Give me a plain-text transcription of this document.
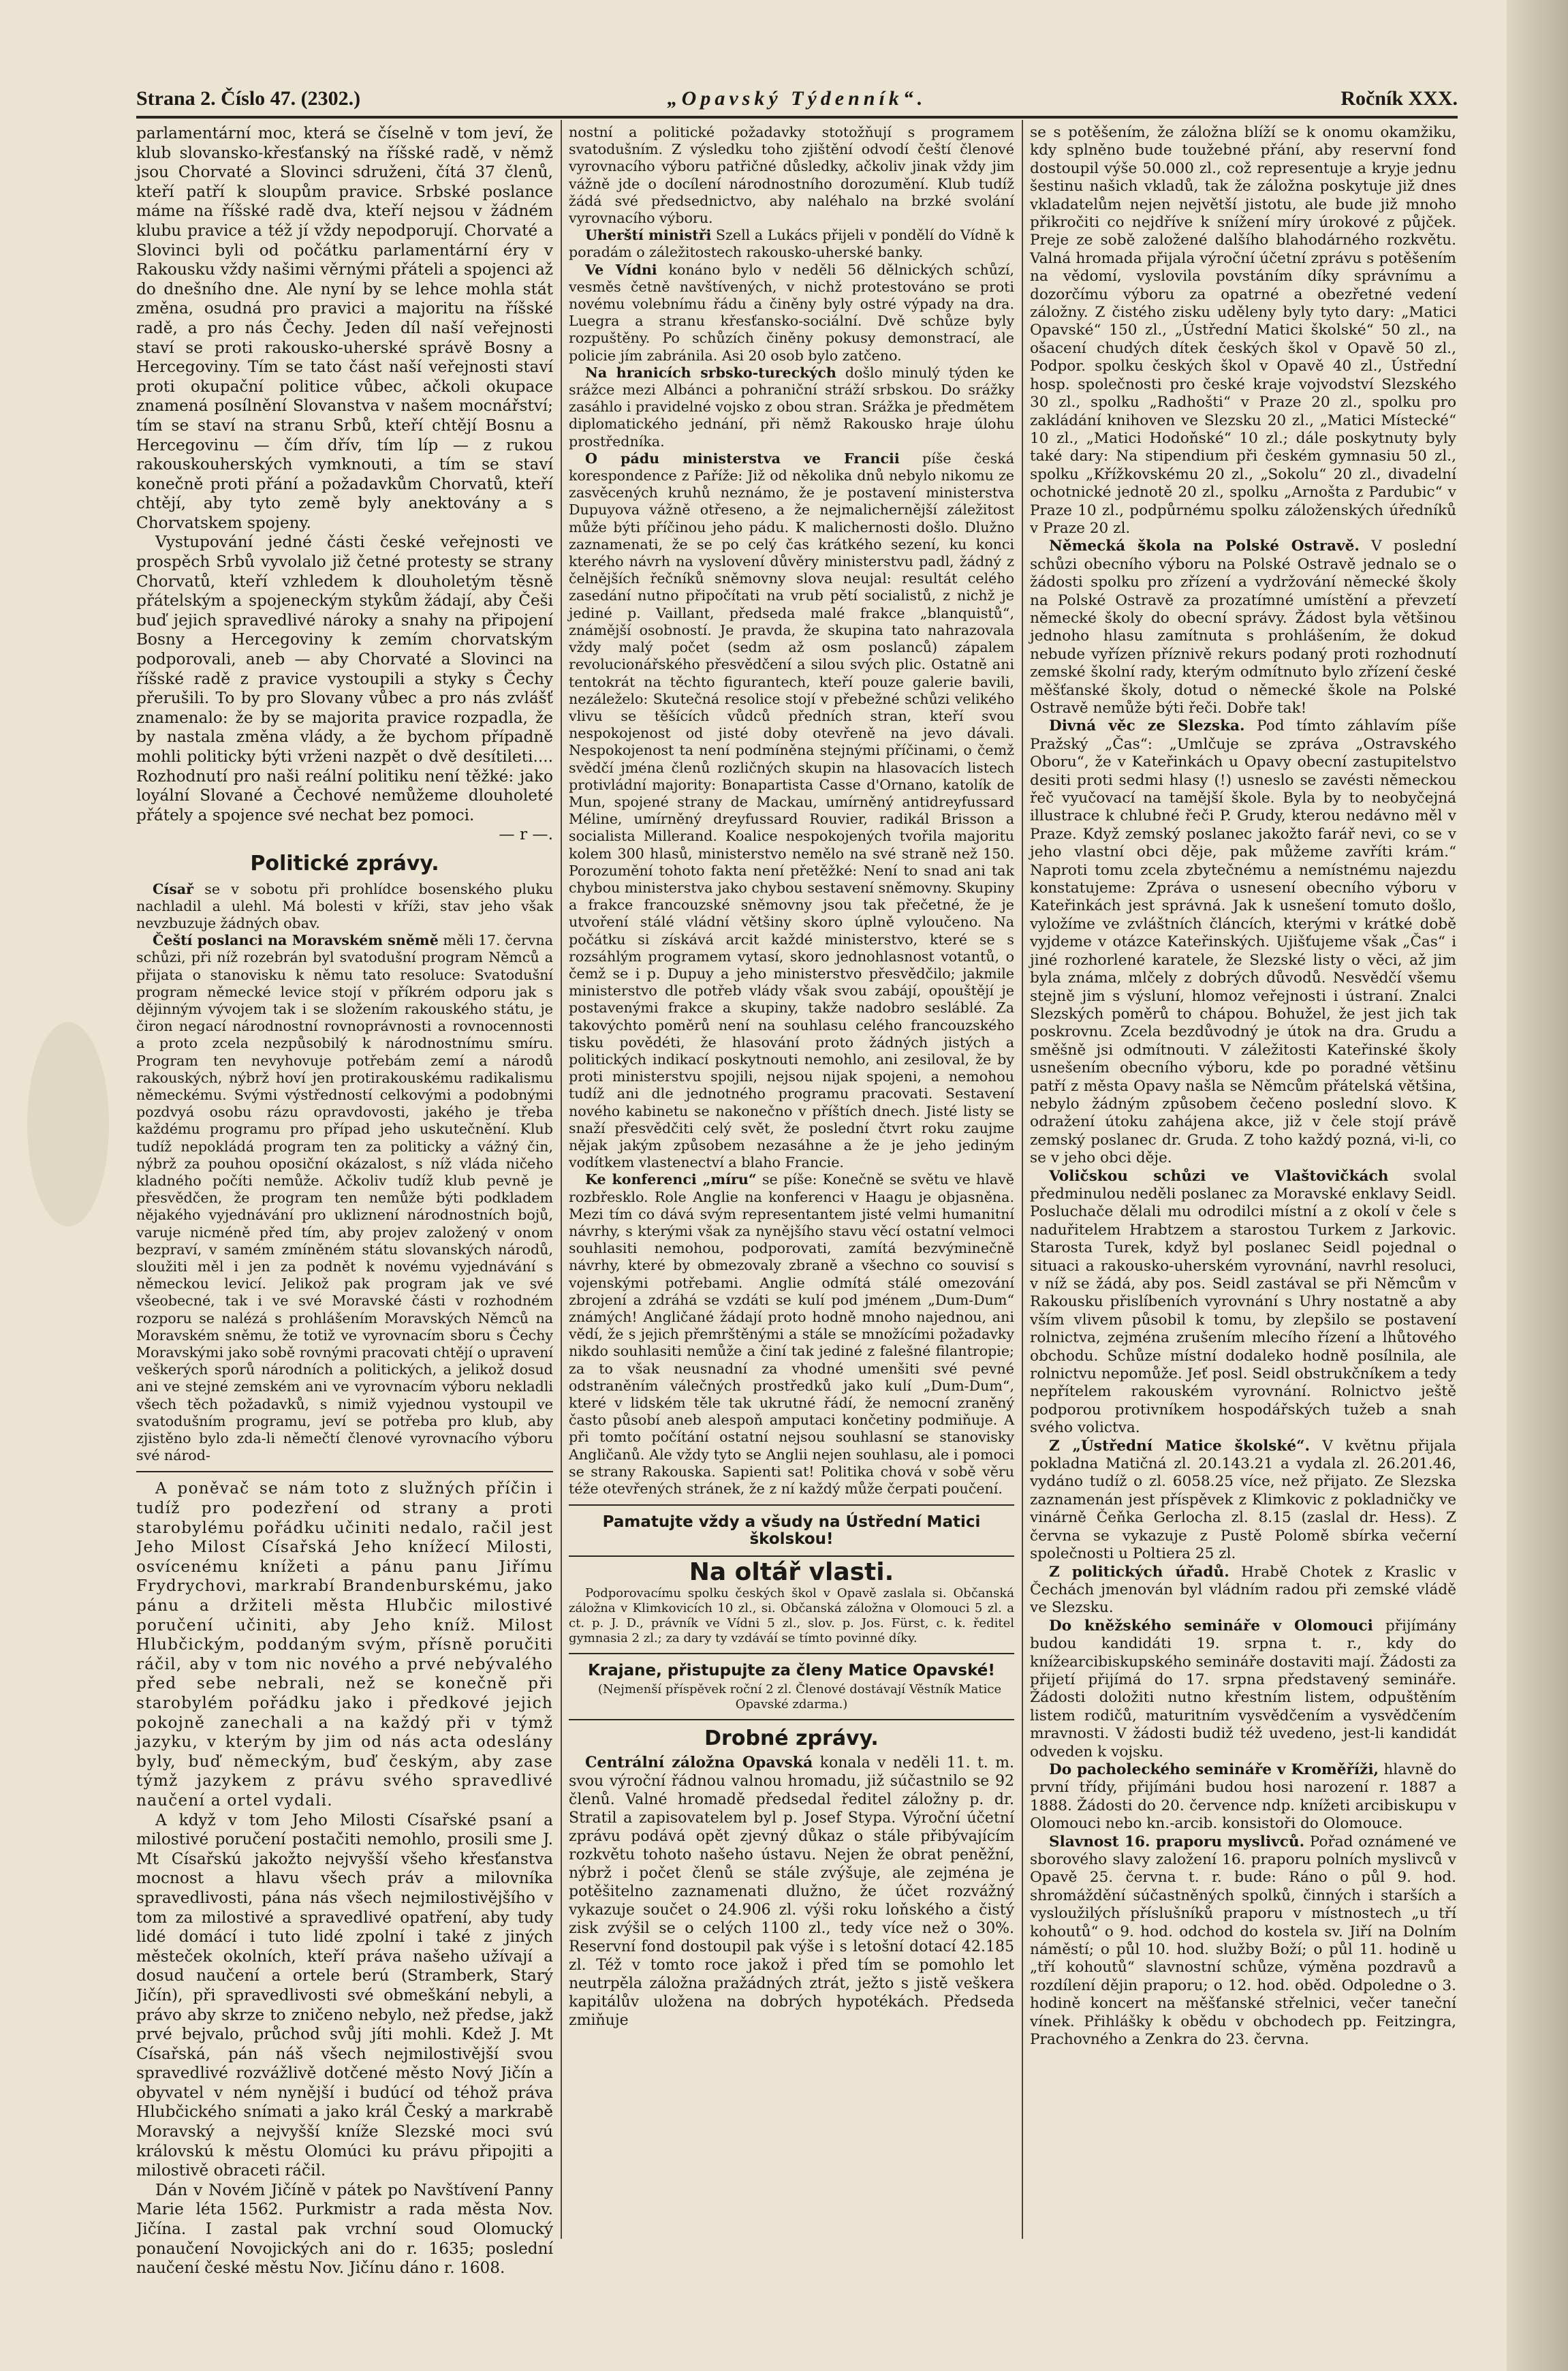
Strana 2. Číslo 47. (2302.)	„Opavský Týdenník“.	Ročník XXX.

parlamentární moc, která se číselně v tom jeví, že klub slovansko-křesťanský na říšské radě, v němž jsou Chorvaté a Slovinci sdruženi, čítá 37 členů, kteří patří k sloupům pravice. Srbské poslance máme na říšské radě dva, kteří nejsou v žádném klubu pravice a též jí vždy nepodporují. Chorvaté a Slovinci byli od počátku parlamentární éry v Rakousku vždy našimi věrnými přáteli a spojenci až do dnešního dne. Ale nyní by se lehce mohla stát změna, osudná pro pravici a majoritu na říšské radě, a pro nás Čechy. Jeden díl naší veřejnosti staví se proti rakousko-uherské správě Bosny a Hercegoviny. Tím se tato část naší veřejnosti staví proti okupační politice vůbec, ačkoli okupace znamená posílnění Slovanstva v našem mocnářství; tím se staví na stranu Srbů, kteří chtějí Bosnu a Hercegovinu — čím dřív, tím líp — z rukou rakouskouherských vymknouti, a tím se staví konečně proti přání a požadavkům Chorvatů, kteří chtějí, aby tyto země byly anektovány a s Chorvatskem spojeny.

Vystupování jedné části české veřejnosti ve prospěch Srbů vyvolalo již četné protesty se strany Chorvatů, kteří vzhledem k dlouholetým těsně přátelským a spojeneckým stykům žádají, aby Češi buď jejich spravedlivé nároky a snahy na připojení Bosny a Hercegoviny k zemím chorvatským podporovali, aneb — aby Chorvaté a Slovinci na říšské radě z pravice vystoupili a styky s Čechy přerušili. To by pro Slovany vůbec a pro nás zvlášť znamenalo: že by se majorita pravice rozpadla, že by nastala změna vlády, a že bychom případně mohli politicky býti vrženi nazpět o dvě desítileti.... Rozhodnutí pro naši reální politiku není těžké: jako loyální Slované a Čechové nemůžeme dlouholeté přátely a spojence své nechat bez pomoci.

— r —.

Politické zprávy.

Císař se v sobotu při prohlídce bosenského pluku nachladil a ulehl. Má bolesti v kříži, stav jeho však nevzbuzuje žádných obav.

Čeští poslanci na Moravském sněmě měli 17. června schůzi, při níž rozebrán byl svatodušní program Němců a přijata o stanovisku k němu tato resoluce: Svatodušní program německé levice stojí v příkrém odporu jak s dějinným vývojem tak i se složením rakouského státu, je čiron negací národnostní rovnoprávnosti a rovnocennosti a proto zcela nezpůsobilý k národnostnímu smíru. Program ten nevyhovuje potřebám zemí a národů rakouských, nýbrž hoví jen protirakouskému radikalismu německému. Svými výstředností celkovými a podobnými pozdvyá osobu rázu opravdovosti, jakého je třeba každému programu pro případ jeho uskutečnění. Klub tudíž nepokládá program ten za politicky a vážný čin, nýbrž za pouhou oposiční okázalost, s níž vláda ničeho kladného počíti nemůže. Ačkoliv tudíž klub pevně je přesvědčen, že program ten nemůže býti podkladem nějakého vyjednávání pro ukliznení národnostních bojů, varuje nicméně před tím, aby projev založený v onom bezpraví, v samém zmíněném státu slovanských národů, sloužiti měl i jen za podnět k novému vyjednávání s německou levicí. Jelikož pak program jak ve své všeobecné, tak i ve své Moravské části v rozhodném rozporu se nalézá s prohlášením Moravských Němců na Moravském sněmu, že totiž ve vyrovnacím sboru s Čechy Moravskými jako sobě rovnými pracovati chtějí o upravení veškerých sporů národních a politických, a jelikož dosud ani ve stejné zemském ani ve vyrovnacím výboru nekladli všech těch požadavků, s nimiž vyjednou vystoupil ve svatodušním programu, jeví se potřeba pro klub, aby zjistěno bylo zda-li němečtí členové vyrovnacího výboru své národ-

A poněvač se nám toto z služných příčin i tudíž pro podezření od strany a proti starobylému pořádku učiniti nedalo, račil jest Jeho Milost Císařská Jeho knížecí Milosti, osvícenému knížeti a pánu panu Jiřímu Frydrychovi, markrabí Brandenburskému, jako pánu a držiteli města Hlubčic milostivé poručení učiniti, aby Jeho kníž. Milost Hlubčickým, poddaným svým, přísně poručiti ráčil, aby v tom nic nového a prvé nebývalého před sebe nebrali, než se konečně při starobylém pořádku jako i předkové jejich pokojně zanechali a na každý při v týmž jazyku, v kterým by jim od nás acta odeslány byly, buď německým, buď českým, aby zase týmž jazykem z právu svého spravedlivé naučení a ortel vydali.

A když v tom Jeho Milosti Císařské psaní a milostivé poručení postačiti nemohlo, prosili sme J. Mt Císařskú jakožto nejvyšší všeho křesťanstva mocnost a hlavu všech práv a milovníka spravedlivosti, pána nás všech nejmilostivějšího v tom za milostivé a spravedlivé opatření, aby tudy lidé domácí i tuto lidé zpolní i také z jiných městeček okolních, kteří práva našeho užívají a dosud naučení a ortele berú (Stramberk, Starý Jičín), při spravedlivosti své obmeškání nebyli, a právo aby skrze to zničeno nebylo, než předse, jakž prvé bejvalo, průchod svůj jíti mohli. Kdež J. Mt Císařská, pán náš všech nejmilostivější svou spravedlivé rozvážlivě dotčené město Nový Jičín a obyvatel v ném nynější i budúcí od téhož práva Hlubčického snímati a jako král Český a markrabě Moravský a nejvyšší kníže Slezské moci svú královskú k městu Olomúci ku právu připojiti a milostivě obraceti ráčil.

Dán v Novém Jičíně v pátek po Navštívení Panny Marie léta 1562. Purkmistr a rada města Nov. Jičína. I zastal pak vrchní soud Olomucký ponaučení Novojických ani do r. 1635; poslední naučení české městu Nov. Jičínu dáno r. 1608.

nostní a politické požadavky stotožňují s programem svatodušním. Z výsledku toho zjištění odvodí čeští členové vyrovnacího výboru patřičné důsledky, ačkoliv jinak vždy jim vážně jde o docílení národnostního dorozumění. Klub tudíž žádá své předsednictvo, aby naléhalo na brzké svolání vyrovnacího výboru.

Uherští ministři Szell a Lukács přijeli v pondělí do Vídně k poradám o záležitostech rakousko-uherské banky.

Ve Vídni konáno bylo v neděli 56 dělnických schůzí, vesměs četně navštívených, v nichž protestováno se proti novému volebnímu řádu a činěny byly ostré výpady na dra. Luegra a stranu křesťansko-sociální. Dvě schůze byly rozpuštěny. Po schůzích činěny pokusy demonstrací, ale policie jím zabránila. Asi 20 osob bylo zatčeno.

Na hranicích srbsko-tureckých došlo minulý týden ke srážce mezi Albánci a pohraniční stráží srbskou. Do srážky zasáhlo i pravidelné vojsko z obou stran. Srážka je předmětem diplomatického jednání, při němž Rakousko hraje úlohu prostředníka.

O pádu ministerstva ve Francii píše česká korespondence z Paříže: Již od několika dnů nebylo nikomu ze zasvěcených kruhů neznámo, že je postavení ministerstva Dupuyova vážně otřeseno, a že nejmalichernější záležitost může býti příčinou jeho pádu. K malichernosti došlo. Dlužno zaznamenati, že se po celý čas krátkého sezení, ku konci kterého návrh na vyslovení důvěry ministerstvu padl, žádný z čelnějších řečníků sněmovny slova neujal: resultát celého zasedání nutno připočítati na vrub pětí socialistů, z nichž je jediné p. Vaillant, předseda malé frakce „blanquistů“, známější osobností. Je pravda, že skupina tato nahrazovala vždy malý počet (sedm až osm poslanců) zápalem revolucionářského přesvědčení a silou svých plic. Ostatně ani tentokrát na těchto figurantech, kteří pouze galerie bavili, nezáleželo: Skutečná resolice stojí v přebežné schůzi velikého vlivu se těšících vůdců předních stran, kteří svou nespokojenost od jisté doby otevřeně na jevo dávali. Nespokojenost ta není podmíněna stejnými příčinami, o čemž svědčí jména členů rozličných skupin na hlasovacích listech protivládní majority: Bonapartista Casse d'Ornano, katolík de Mun, spojené strany de Mackau, umírněný antidreyfussard Méline, umírněný dreyfussard Rouvier, radikál Brisson a socialista Millerand. Koalice nespokojených tvořila majoritu kolem 300 hlasů, ministerstvo nemělo na své straně než 150. Porozumění tohoto fakta není přetěžké: Není to snad ani tak chybou ministerstva jako chybou sestavení sněmovny. Skupiny a frakce francouzské sněmovny jsou tak přečetné, že je utvoření stálé vládní většiny skoro úplně vyloučeno. Na počátku si získává arcit každé ministerstvo, které se s rozsáhlým programem vytasí, skoro jednohlasnost votantů, o čemž se i p. Dupuy a jeho ministerstvo přesvědčilo; jakmile ministerstvo dle potřeb vlády však svou zabájí, opouštějí je postavenými frakce a skupiny, takže nadobro sesláblé. Za takovýchto poměrů není na souhlasu celého francouzského tisku povědéti, že hlasování proto žádných jistých a politických indikací poskytnouti nemohlo, ani zesiloval, že by proti ministerstvu spojili, nejsou nijak spojeni, a nemohou tudíž ani dle jednotného programu pracovati. Sestavení nového kabinetu se nakonečno v příštích dnech. Jisté listy se snaží přesvědčiti celý svět, že poslední čtvrt roku zaujme nějak jakým způsobem nezasáhne a že je jeho jediným vodítkem vlastenectví a blaho Francie.

Ke konferenci „míru“ se píše: Konečně se světu ve hlavě rozbřesklo. Role Anglie na konferenci v Haagu je objasněna. Mezi tím co dává svým representantem jisté velmi humanitní návrhy, s kterými však za nynějšího stavu věcí ostatní velmoci souhlasiti nemohou, podporovati, zamítá bezvýminečně návrhy, které by obmezovaly zbraně a všechno co souvisí s vojenskými potřebami. Anglie odmítá stálé omezování zbrojení a zdráhá se vzdáti se kulí pod jménem „Dum-Dum“ známých! Angličané žádají proto hodně mnoho najednou, ani vědí, že s jejich přemrštěnými a stále se množícími požadavky nikdo souhlasiti nemůže a činí tak jediné z falešné filantropie; za to však neusnadní za vhodné umenšiti své pevné odstraněním válečných prostředků jako kulí „Dum-Dum“, které v lidském těle tak ukrutné řádí, že nemocní zraněný často působí aneb alespoň amputaci končetiny podmiňuje. A při tomto počítání ostatní nejsou souhlasní se stanovisky Angličanů. Ale vždy tyto se Anglii nejen souhlasu, ale i pomoci se strany Rakouska. Sapienti sat! Politika chová v sobě věru téže otevřených stránek, že z ní každý může čerpati poučení.

Pamatujte vždy a všudy na Ústřední Matici školskou!
Na oltář vlasti.

Podporovacímu spolku českých škol v Opavě zaslala si. Občanská záložna v Klimkovicích 10 zl., si. Občanská záložna v Olomouci 5 zl. a ct. p. J. D., právník ve Vídni 5 zl., slov. p. Jos. Fürst, c. k. ředitel gymnasia 2 zl.; za dary ty vzdáváí se tímto povinné díky.

Krajane, přistupujte za členy Matice Opavské!

(Nejmenší příspěvek roční 2 zl. Členové dostávají Věstník Matice Opavské zdarma.)

Drobné zprávy.

Centrální záložna Opavská konala v neděli 11. t. m. svou výroční řádnou valnou hromadu, již súčastnilo se 92 členů. Valné hromadě předsedal ředitel záložny p. dr. Stratil a zapisovatelem byl p. Josef Stypa. Výroční účetní zprávu podává opět zjevný důkaz o stále přibývajícím rozkvětu tohoto našeho ústavu. Nejen že obrat peněžní, nýbrž i počet členů se stále zvýšuje, ale zejména je potěšitelno zaznamenati dlužno, že účet rozvážný vykazuje součet o 24.906 zl. výši roku loňského a čistý zisk zvýšil se o celých 1100 zl., tedy více než o 30%. Reservní fond dostoupil pak výše i s letošní dotací 42.185 zl. Též v tomto roce jakož i před tím se pomohlo let neutrpěla záložna pražádných ztrát, ježto s jistě veškera kapitálův uložena na dobrých hypotékách. Předseda zmiňuje

se s potěšením, že záložna blíží se k onomu okamžiku, kdy splněno bude toužebné přání, aby reservní fond dostoupil výše 50.000 zl., což representuje a kryje jednu šestinu našich vkladů, tak že záložna poskytuje již dnes vkladatelům nejen největší jistotu, ale bude již mnoho přikročiti co nejdříve k snížení míry úrokové z půjček. Preje ze sobě založené dalšího blahodárného rozkvětu. Valná hromada přijala výroční účetní zprávu s potěšením na vědomí, vyslovila povstáním díky správnímu a dozorčímu výboru za opatrné a obezřetné vedení záložny. Z čistého zisku uděleny byly tyto dary: „Matici Opavské“ 150 zl., „Ústřední Matici školské“ 50 zl., na ošacení chudých dítek českých škol v Opavě 50 zl., Podpor. spolku českých škol v Opavě 40 zl., Ústřední hosp. společnosti pro české kraje vojvodství Slezského 30 zl., spolku „Radhošti“ v Praze 20 zl., spolku pro zakládání knihoven ve Slezsku 20 zl., „Matici Místecké“ 10 zl., „Matici Hodoňské“ 10 zl.; dále poskytnuty byly také dary: Na stipendium při českém gymnasiu 50 zl., spolku „Křížkovskému 20 zl., „Sokolu“ 20 zl., divadelní ochotnické jednotě 20 zl., spolku „Arnošta z Pardubic“ v Praze 10 zl., podpůrnému spolku záloženských úředníků v Praze 20 zl.

Německá škola na Polské Ostravě. V poslední schůzi obecního výboru na Polské Ostravě jednalo se o žádosti spolku pro zřízení a vydržování německé školy na Polské Ostravě za prozatímné umístění a převzetí německé školy do obecní správy. Žádost byla většinou jednoho hlasu zamítnuta s prohlášením, že dokud nebude vyřízen příznivě rekurs podaný proti rozhodnutí zemské školní rady, kterým odmítnuto bylo zřízení české měšťanské školy, dotud o německé škole na Polské Ostravě nemůže býti řeči. Dobře tak!

Divná věc ze Slezska. Pod tímto záhlavím píše Pražský „Čas“: „Umlčuje se zpráva „Ostravského Oboru“, že v Kateřinkách u Opavy obecní zastupitelstvo desiti proti sedmi hlasy (!) usneslo se zavésti německou řeč vyučovací na tamější škole. Byla by to neobyčejná illustrace k chlubné řeči P. Grudy, kterou nedávno měl v Praze. Když zemský poslanec jakožto farář nevi, co se v jeho vlastní obci děje, pak můžeme zavříti krám.“ Naproti tomu zcela zbytečnému a nemístnému najezdu konstatujeme: Zpráva o usnesení obecního výboru v Kateřinkách jest správná. Jak k usnešení tomuto došlo, vyložíme ve zvláštních článcích, kterými v krátké době vyjdeme v otázce Kateřinských. Ujišťujeme však „Čas“ i jiné rozhorlené karatele, že Slezské listy o věci, až jim byla známa, mlčely z dobrých důvodů. Nesvědčí všemu stejně jim s výsluní, hlomoz veřejnosti i ústraní. Znalci Slezských poměrů to chápou. Bohužel, že jest jich tak poskrovnu. Zcela bezdůvodný je útok na dra. Grudu a směšně jsi odmítnouti. V záležitosti Kateřinské školy usnešením obecního výboru, kde po poradné většinu patří z města Opavy našla se Němcům přátelská většina, nebylo žádným způsobem čečeno poslední slovo. K odražení útoku zahájena akce, již v čele stojí právě zemský poslanec dr. Gruda. Z toho každý pozná, vi-li, co se v jeho obci děje.

Voličskou schůzi ve Vlaštovičkách svolal předminulou neděli poslanec za Moravské enklavy Seidl. Posluchače dělali mu odrodilci místní a z okolí v čele s naduřitelem Hrabtzem a starostou Turkem z Jarkovic. Starosta Turek, když byl poslanec Seidl pojednal o situaci a rakousko-uherském vyrovnání, navrhl resoluci, v níž se žádá, aby pos. Seidl zastával se při Němcům v Rakousku přislíbeních vyrovnání s Uhry nostatně a aby vším vlivem působil k tomu, by zlepšilo se postavení rolnictva, zejména zrušením mlecího řízení a lhůtového obchodu. Schůze místní dodaleko hodně posílnila, ale rolnictvu nepomůže. Jeť posl. Seidl obstrukčníkem a tedy nepřítelem rakouském vyrovnání. Rolnictvo ještě podporou protivníkem hospodářských tužeb a snah svého volictva.

Z „Ústřední Matice školské“. V květnu přijala pokladna Matičná zl. 20.143.21 a vydala zl. 26.201.46, vydáno tudíž o zl. 6058.25 více, než přijato. Ze Slezska zaznamenán jest příspěvek z Klimkovic z pokladničky ve vinárně Čeňka Gerlocha zl. 8.15 (zaslal dr. Hess). Z června se vykazuje z Pustě Polomě sbírka večerní společnosti u Poltiera 25 zl.

Z politických úřadů. Hrabě Chotek z Kraslic v Čechách jmenován byl vládním radou při zemské vládě ve Slezsku.

Do kněžského semináře v Olomouci přijímány budou kandidáti 19. srpna t. r., kdy do knížearcibiskupského semináře dostaviti mají. Žádosti za přijetí přijímá do 17. srpna představený semináře. Žádosti doložiti nutno křestním listem, odpuštěním listem rodičů, maturitním vysvědčením a vysvědčením mravnosti. V žádosti budiž též uvedeno, jest-li kandidát odveden k vojsku.

Do pacholeckého semináře v Kroměříži, hlavně do první třídy, přijímáni budou hosi narození r. 1887 a 1888. Žádosti do 20. července ndp. knížeti arcibiskupu v Olomouci nebo kn.-arcib. konsistoři do Olomouce.

Slavnost 16. praporu myslivců. Pořad oznámené ve sborového slavy založení 16. praporu polních myslivců v Opavě 25. června t. r. bude: Ráno o půl 9. hod. shromáždění súčastněných spolků, činných i starších a vysloužilých příslušníků praporu v místnostech „u tří kohoutů“ o 9. hod. odchod do kostela sv. Jiří na Dolním náměstí; o půl 10. hod. služby Boží; o půl 11. hodině u „tří kohoutů“ slavnostní schůze, výměna pozdravů a rozdílení dějin praporu; o 12. hod. oběd. Odpoledne o 3. hodině koncert na měšťanské střelnici, večer taneční vínek. Přihlášky k obědu v obchodech pp. Feitzingra, Prachovného a Zenkra do 23. června.
